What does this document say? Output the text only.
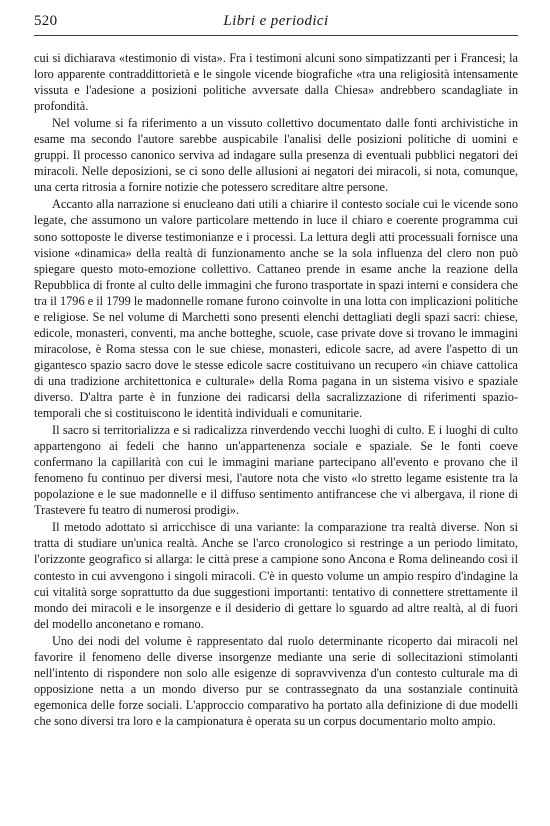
520	Libri e periodici

cui si dichiarava «testimonio di vista». Fra i testimoni alcuni sono simpatizzanti per i Francesi; la loro apparente contraddittorietà e le singole vicende biografiche «tra una religiosità intensamente vissuta e l'adesione a posizioni politiche avversate dalla Chiesa» andrebbero scandagliate in profondità.

Nel volume si fa riferimento a un vissuto collettivo documentato dalle fonti archivistiche in esame ma secondo l'autore sarebbe auspicabile l'analisi delle posizioni politiche di uomini e gruppi. Il processo canonico serviva ad indagare sulla presenza di eventuali pubblici negatori dei miracoli. Nelle deposizioni, se ci sono delle allusioni ai negatori dei miracoli, si nota, comunque, una certa ritrosia a fornire notizie che potessero screditare altre persone.

Accanto alla narrazione si enucleano dati utili a chiarire il contesto sociale cui le vicende sono legate, che assumono un valore particolare mettendo in luce il chiaro e coerente programma cui sono sottoposte le diverse testimonianze e i processi. La lettura degli atti processuali fornisce una visione «dinamica» della realtà di funzionamento anche se la sola influenza del clero non può spiegare questo moto-emozione collettivo. Cattaneo prende in esame anche la reazione della Repubblica di fronte al culto delle immagini che furono trasportate in spazi interni e considera che tra il 1796 e il 1799 le madonnelle romane furono coinvolte in una lotta con implicazioni politiche e religiose. Se nel volume di Marchetti sono presenti elenchi dettagliati degli spazi sacri: chiese, edicole, monasteri, conventi, ma anche botteghe, scuole, case private dove si trovano le immagini miracolose, è Roma stessa con le sue chiese, monasteri, edicole sacre, ad avere l'aspetto di un gigantesco spazio sacro dove le stesse edicole sacre costituivano un recupero «in chiave cattolica di una tradizione architettonica e culturale» della Roma pagana in un sistema visivo e spaziale diverso. D'altra parte è in funzione dei radicarsi della sacralizzazione di riferimenti spazio-temporali che si costituiscono le identità individuali e comunitarie.

Il sacro si territorializza e si radicalizza rinverdendo vecchi luoghi di culto. E i luoghi di culto appartengono ai fedeli che hanno un'appartenenza sociale e spaziale. Se le fonti coeve confermano la capillarità con cui le immagini mariane partecipano all'evento e provano che il fenomeno fu continuo per diversi mesi, l'autore nota che visto «lo stretto legame esistente tra la popolazione e le sue madonnelle e il diffuso sentimento antifrancese che vi albergava, il rione di Trastevere fu teatro di numerosi prodigi».

Il metodo adottato si arricchisce di una variante: la comparazione tra realtà diverse. Non si tratta di studiare un'unica realtà. Anche se l'arco cronologico si restringe a un periodo limitato, l'orizzonte geografico si allarga: le città prese a campione sono Ancona e Roma delineando così il contesto in cui avvengono i singoli miracoli. C'è in questo volume un ampio respiro d'indagine la cui vitalità sorge soprattutto da due suggestioni importanti: tentativo di connettere strettamente il mondo dei miracoli e le insorgenze e il desiderio di gettare lo sguardo ad altre realtà, al di fuori del modello anconetano e romano.

Uno dei nodi del volume è rappresentato dal ruolo determinante ricoperto dai miracoli nel favorire il fenomeno delle diverse insorgenze mediante una serie di sollecitazioni stimolanti nell'intento di rispondere non solo alle esigenze di sopravvivenza d'un contesto culturale ma di opposizione netta a un mondo diverso pur se contrassegnato da una sostanziale continuità egemonica delle forze sociali. L'approccio comparativo ha portato alla definizione di due modelli che sono diversi tra loro e la campionatura è operata su un corpus documentario molto ampio.
